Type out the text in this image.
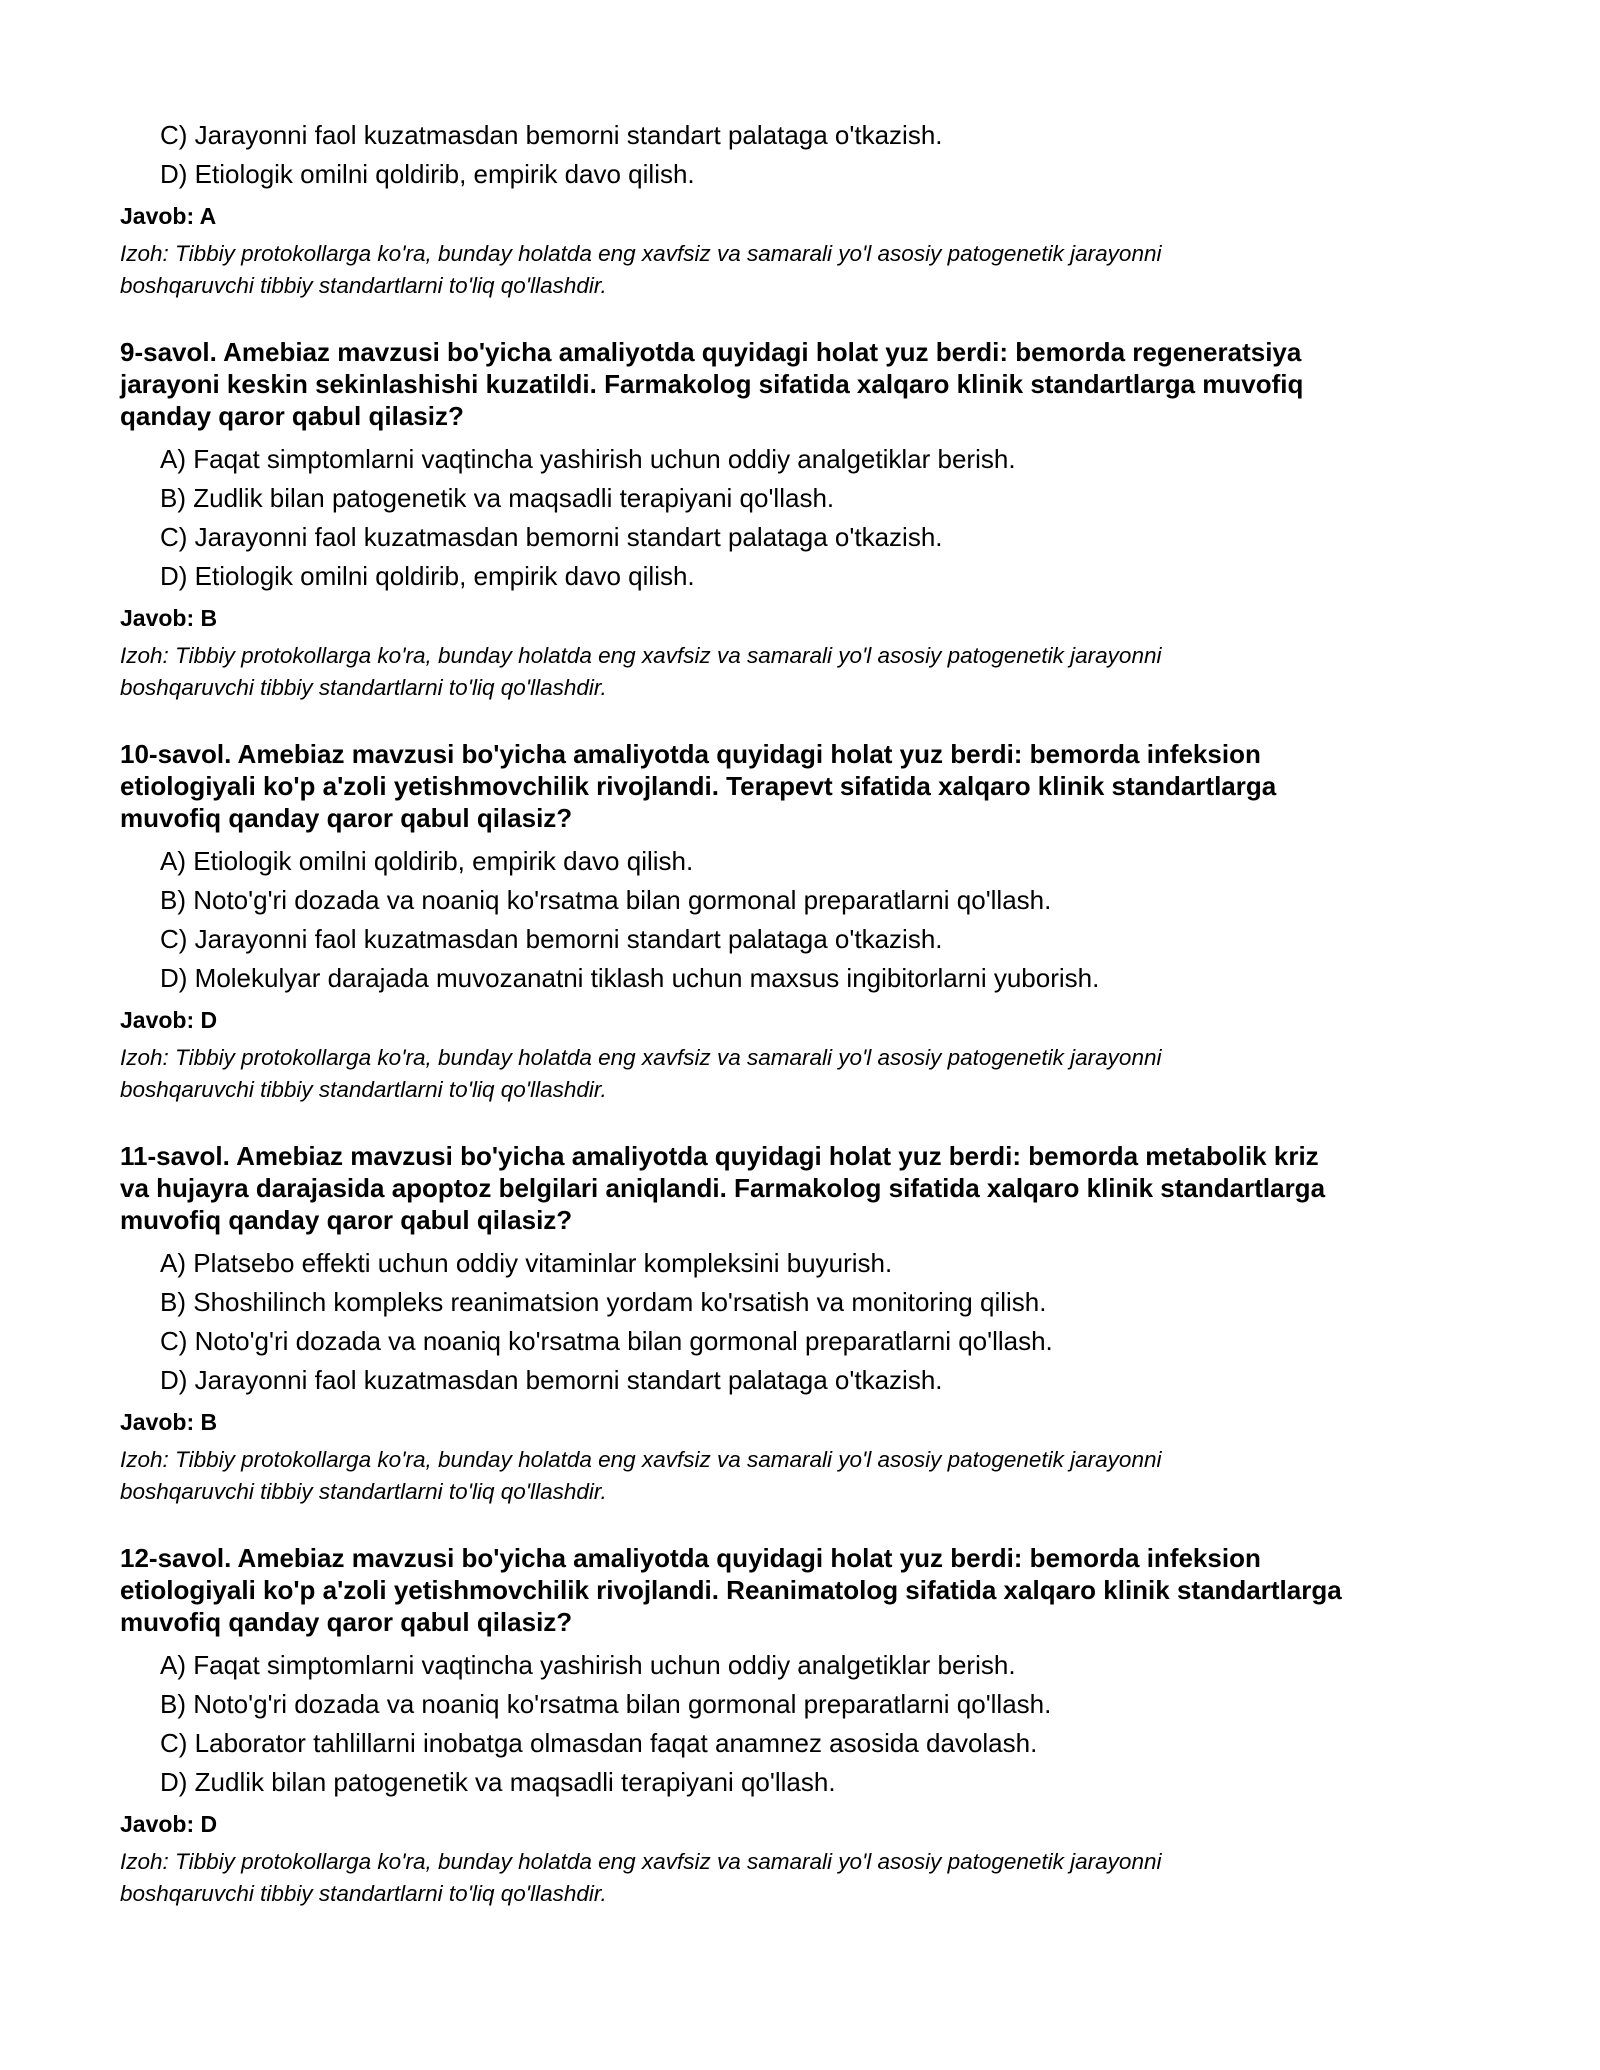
C) Jarayonni faol kuzatmasdan bemorni standart palataga o'tkazish.
D) Etiologik omilni qoldirib, empirik davo qilish.
Javob: A
Izoh: Tibbiy protokollarga ko'ra, bunday holatda eng xavfsiz va samarali yo'l asosiy patogenetik jarayonni
boshqaruvchi tibbiy standartlarni to'liq qo'llashdir.
9-savol. Amebiaz mavzusi bo'yicha amaliyotda quyidagi holat yuz berdi: bemorda regeneratsiya
jarayoni keskin sekinlashishi kuzatildi. Farmakolog sifatida xalqaro klinik standartlarga muvofiq
qanday qaror qabul qilasiz?
A) Faqat simptomlarni vaqtincha yashirish uchun oddiy analgetiklar berish.
B) Zudlik bilan patogenetik va maqsadli terapiyani qo'llash.
C) Jarayonni faol kuzatmasdan bemorni standart palataga o'tkazish.
D) Etiologik omilni qoldirib, empirik davo qilish.
Javob: B
Izoh: Tibbiy protokollarga ko'ra, bunday holatda eng xavfsiz va samarali yo'l asosiy patogenetik jarayonni
boshqaruvchi tibbiy standartlarni to'liq qo'llashdir.
10-savol. Amebiaz mavzusi bo'yicha amaliyotda quyidagi holat yuz berdi: bemorda infeksion
etiologiyali ko'p a'zoli yetishmovchilik rivojlandi. Terapevt sifatida xalqaro klinik standartlarga
muvofiq qanday qaror qabul qilasiz?
A) Etiologik omilni qoldirib, empirik davo qilish.
B) Noto'g'ri dozada va noaniq ko'rsatma bilan gormonal preparatlarni qo'llash.
C) Jarayonni faol kuzatmasdan bemorni standart palataga o'tkazish.
D) Molekulyar darajada muvozanatni tiklash uchun maxsus ingibitorlarni yuborish.
Javob: D
Izoh: Tibbiy protokollarga ko'ra, bunday holatda eng xavfsiz va samarali yo'l asosiy patogenetik jarayonni
boshqaruvchi tibbiy standartlarni to'liq qo'llashdir.
11-savol. Amebiaz mavzusi bo'yicha amaliyotda quyidagi holat yuz berdi: bemorda metabolik kriz
va hujayra darajasida apoptoz belgilari aniqlandi. Farmakolog sifatida xalqaro klinik standartlarga
muvofiq qanday qaror qabul qilasiz?
A) Platsebo effekti uchun oddiy vitaminlar kompleksini buyurish.
B) Shoshilinch kompleks reanimatsion yordam ko'rsatish va monitoring qilish.
C) Noto'g'ri dozada va noaniq ko'rsatma bilan gormonal preparatlarni qo'llash.
D) Jarayonni faol kuzatmasdan bemorni standart palataga o'tkazish.
Javob: B
Izoh: Tibbiy protokollarga ko'ra, bunday holatda eng xavfsiz va samarali yo'l asosiy patogenetik jarayonni
boshqaruvchi tibbiy standartlarni to'liq qo'llashdir.
12-savol. Amebiaz mavzusi bo'yicha amaliyotda quyidagi holat yuz berdi: bemorda infeksion
etiologiyali ko'p a'zoli yetishmovchilik rivojlandi. Reanimatolog sifatida xalqaro klinik standartlarga
muvofiq qanday qaror qabul qilasiz?
A) Faqat simptomlarni vaqtincha yashirish uchun oddiy analgetiklar berish.
B) Noto'g'ri dozada va noaniq ko'rsatma bilan gormonal preparatlarni qo'llash.
C) Laborator tahlillarni inobatga olmasdan faqat anamnez asosida davolash.
D) Zudlik bilan patogenetik va maqsadli terapiyani qo'llash.
Javob: D
Izoh: Tibbiy protokollarga ko'ra, bunday holatda eng xavfsiz va samarali yo'l asosiy patogenetik jarayonni
boshqaruvchi tibbiy standartlarni to'liq qo'llashdir.
